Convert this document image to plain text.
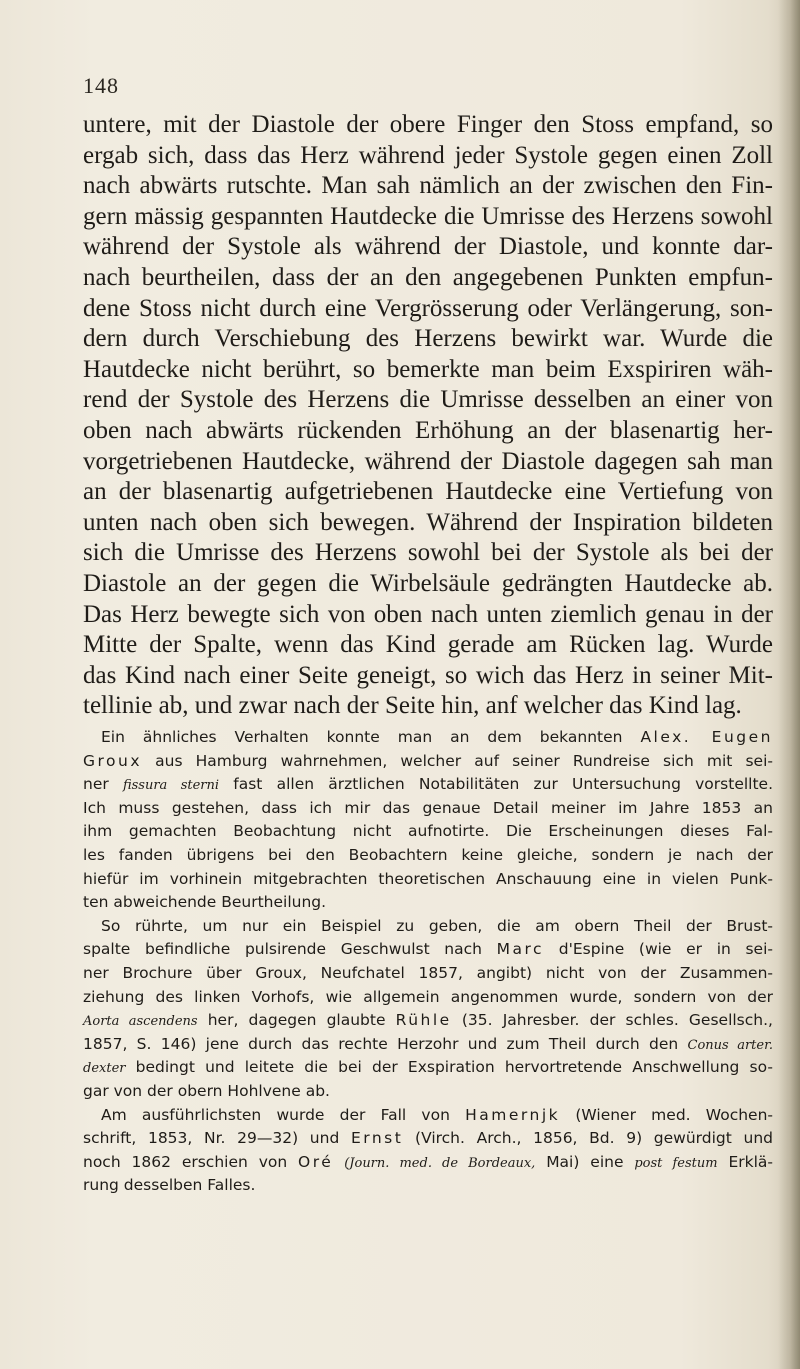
148
untere, mit der Diastole der obere Finger den Stoss empfand, so
ergab sich, dass das Herz während jeder Systole gegen einen Zoll
nach abwärts rutschte. Man sah nämlich an der zwischen den Fin-
gern mässig gespannten Hautdecke die Umrisse des Herzens sowohl
während der Systole als während der Diastole, und konnte dar-
nach beurtheilen, dass der an den angegebenen Punkten empfun-
dene Stoss nicht durch eine Vergrösserung oder Verlängerung, son-
dern durch Verschiebung des Herzens bewirkt war. Wurde die
Hautdecke nicht berührt, so bemerkte man beim Exspiriren wäh-
rend der Systole des Herzens die Umrisse desselben an einer von
oben nach abwärts rückenden Erhöhung an der blasenartig her-
vorgetriebenen Hautdecke, während der Diastole dagegen sah man
an der blasenartig aufgetriebenen Hautdecke eine Vertiefung von
unten nach oben sich bewegen. Während der Inspiration bildeten
sich die Umrisse des Herzens sowohl bei der Systole als bei der
Diastole an der gegen die Wirbelsäule gedrängten Hautdecke ab.
Das Herz bewegte sich von oben nach unten ziemlich genau in der
Mitte der Spalte, wenn das Kind gerade am Rücken lag. Wurde
das Kind nach einer Seite geneigt, so wich das Herz in seiner Mit-
tellinie ab, und zwar nach der Seite hin, anf welcher das Kind lag.
Ein ähnliches Verhalten konnte man an dem bekannten Alex. Eugen
Groux aus Hamburg wahrnehmen, welcher auf seiner Rundreise sich mit sei-
ner fissura sterni fast allen ärztlichen Notabilitäten zur Untersuchung vorstellte.
Ich muss gestehen, dass ich mir das genaue Detail meiner im Jahre 1853 an
ihm gemachten Beobachtung nicht aufnotirte. Die Erscheinungen dieses Fal-
les fanden übrigens bei den Beobachtern keine gleiche, sondern je nach der
hiefür im vorhinein mitgebrachten theoretischen Anschauung eine in vielen Punk-
ten abweichende Beurtheilung.
So rührte, um nur ein Beispiel zu geben, die am obern Theil der Brust-
spalte befindliche pulsirende Geschwulst nach Marc d'Espine (wie er in sei-
ner Brochure über Groux, Neufchatel 1857, angibt) nicht von der Zusammen-
ziehung des linken Vorhofs, wie allgemein angenommen wurde, sondern von der
Aorta ascendens her, dagegen glaubte Rühle (35. Jahresber. der schles. Gesellsch.,
1857, S. 146) jene durch das rechte Herzohr und zum Theil durch den Conus arter.
dexter bedingt und leitete die bei der Exspiration hervortretende Anschwellung so-
gar von der obern Hohlvene ab.
Am ausführlichsten wurde der Fall von Hamernjk (Wiener med. Wochen-
schrift, 1853, Nr. 29—32) und Ernst (Virch. Arch., 1856, Bd. 9) gewürdigt und
noch 1862 erschien von Oré (Journ. med. de Bordeaux, Mai) eine post festum Erklä-
rung desselben Falles.
